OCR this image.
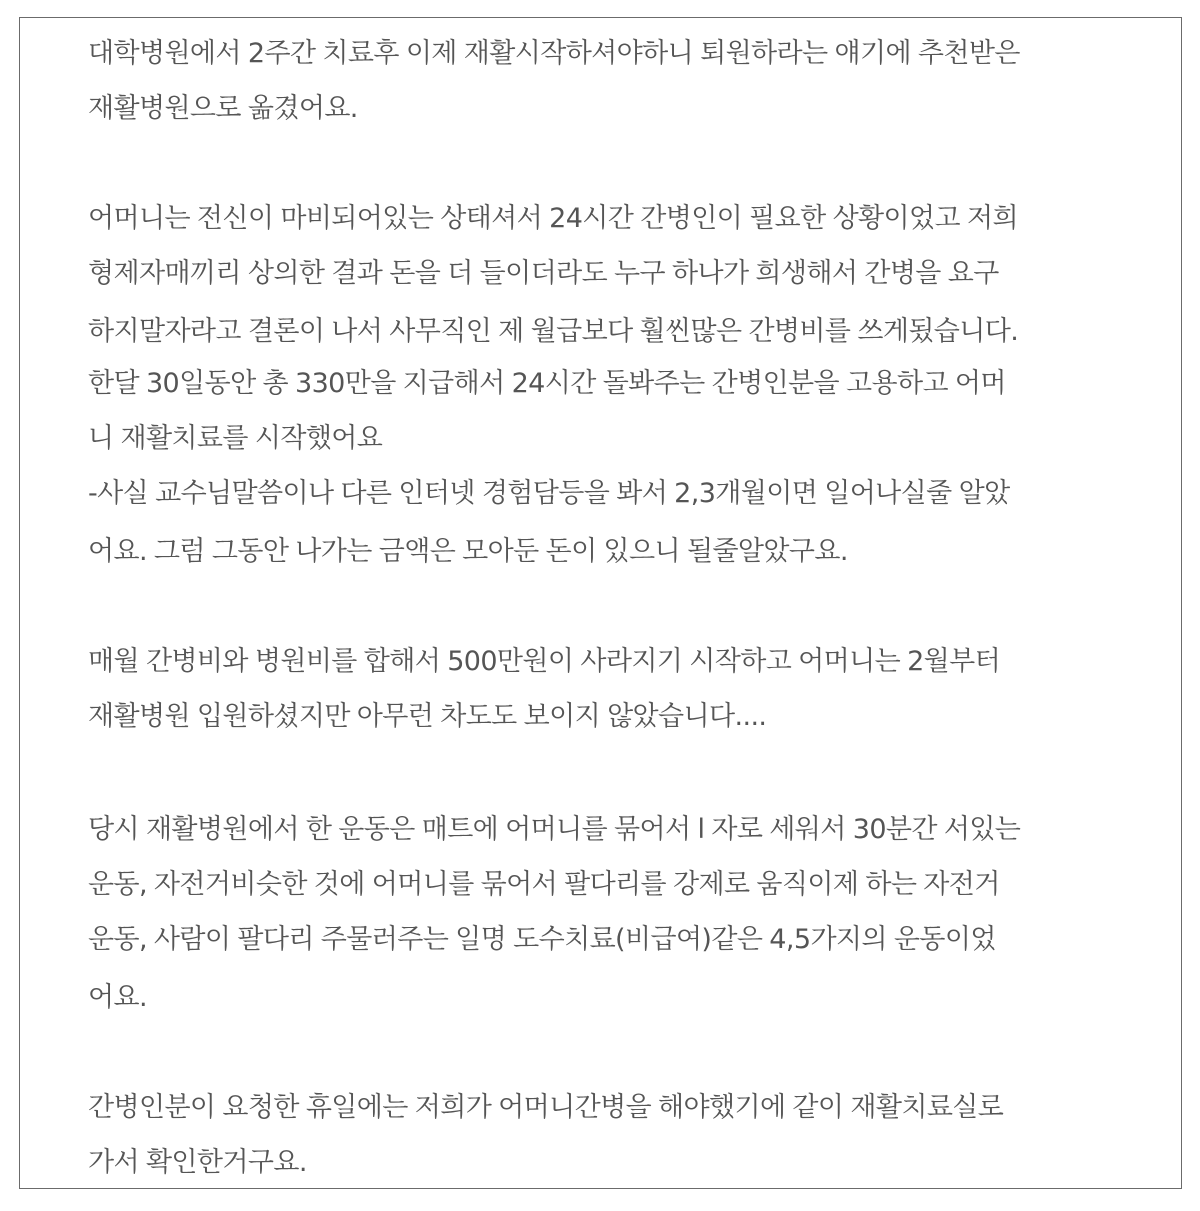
대학병원에서 2주간 치료후 이제 재활시작하셔야하니 퇴원하라는 얘기에 추천받은
재활병원으로 옮겼어요.
어머니는 전신이 마비되어있는 상태셔서 24시간 간병인이 필요한 상황이었고 저희
형제자매끼리 상의한 결과 돈을 더 들이더라도 누구 하나가 희생해서 간병을 요구
하지말자라고 결론이 나서 사무직인 제 월급보다 훨씬많은 간병비를 쓰게됬습니다.
한달 30일동안 총 330만을 지급해서 24시간 돌봐주는 간병인분을 고용하고 어머
니 재활치료를 시작했어요
-사실 교수님말씀이나 다른 인터넷 경험담등을 봐서 2,3개월이면 일어나실줄 알았
어요. 그럼 그동안 나가는 금액은 모아둔 돈이 있으니 될줄알았구요.
매월 간병비와 병원비를 합해서 500만원이 사라지기 시작하고 어머니는 2월부터
재활병원 입원하셨지만 아무런 차도도 보이지 않았습니다....
당시 재활병원에서 한 운동은 매트에 어머니를 묶어서 l 자로 세워서 30분간 서있는
운동, 자전거비슷한 것에 어머니를 묶어서 팔다리를 강제로 움직이제 하는 자전거
운동, 사람이 팔다리 주물러주는 일명 도수치료(비급여)같은 4,5가지의 운동이었
어요.
간병인분이 요청한 휴일에는 저희가 어머니간병을 해야했기에 같이 재활치료실로
가서 확인한거구요.
